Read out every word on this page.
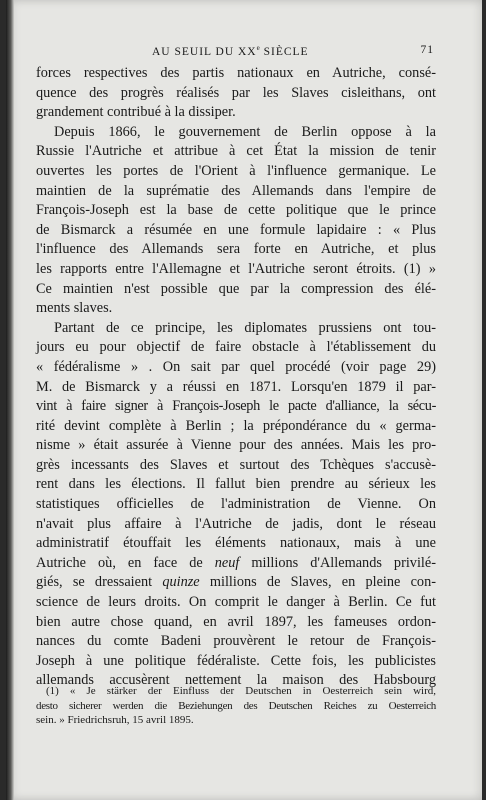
AU SEUIL DU XXe SIÈCLE	71
forces respectives des partis nationaux en Autriche, consé-
quence des progrès réalisés par les Slaves cisleithans, ont
grandement contribué à la dissiper.
Depuis 1866, le gouvernement de Berlin oppose à la
Russie l'Autriche et attribue à cet État la mission de tenir
ouvertes les portes de l'Orient à l'influence germanique. Le
maintien de la suprématie des Allemands dans l'empire de
François-Joseph est la base de cette politique que le prince
de Bismarck a résumée en une formule lapidaire : « Plus
l'influence des Allemands sera forte en Autriche, et plus
les rapports entre l'Allemagne et l'Autriche seront étroits. (1) »
Ce maintien n'est possible que par la compression des élé-
ments slaves.
Partant de ce principe, les diplomates prussiens ont tou-
jours eu pour objectif de faire obstacle à l'établissement du
« fédéralisme » . On sait par quel procédé (voir page 29)
M. de Bismarck y a réussi en 1871. Lorsqu'en 1879 il par-
vint à faire signer à François-Joseph le pacte d'alliance, la sécu-
rité devint complète à Berlin ; la prépondérance du « germa-
nisme » était assurée à Vienne pour des années. Mais les pro-
grès incessants des Slaves et surtout des Tchèques s'accusè-
rent dans les élections. Il fallut bien prendre au sérieux les
statistiques officielles de l'administration de Vienne. On
n'avait plus affaire à l'Autriche de jadis, dont le réseau
administratif étouffait les éléments nationaux, mais à une
Autriche où, en face de neuf millions d'Allemands privilé-
giés, se dressaient quinze millions de Slaves, en pleine con-
science de leurs droits. On comprit le danger à Berlin. Ce fut
bien autre chose quand, en avril 1897, les fameuses ordon-
nances du comte Badeni prouvèrent le retour de François-
Joseph à une politique fédéraliste. Cette fois, les publicistes
allemands accusèrent nettement la maison des Habsbourg
(1) « Je stärker der Einfluss der Deutschen in Oesterreich sein wird,
desto sicherer werden die Beziehungen des Deutschen Reiches zu Oesterreich
sein. » Friedrichsruh, 15 avril 1895.
